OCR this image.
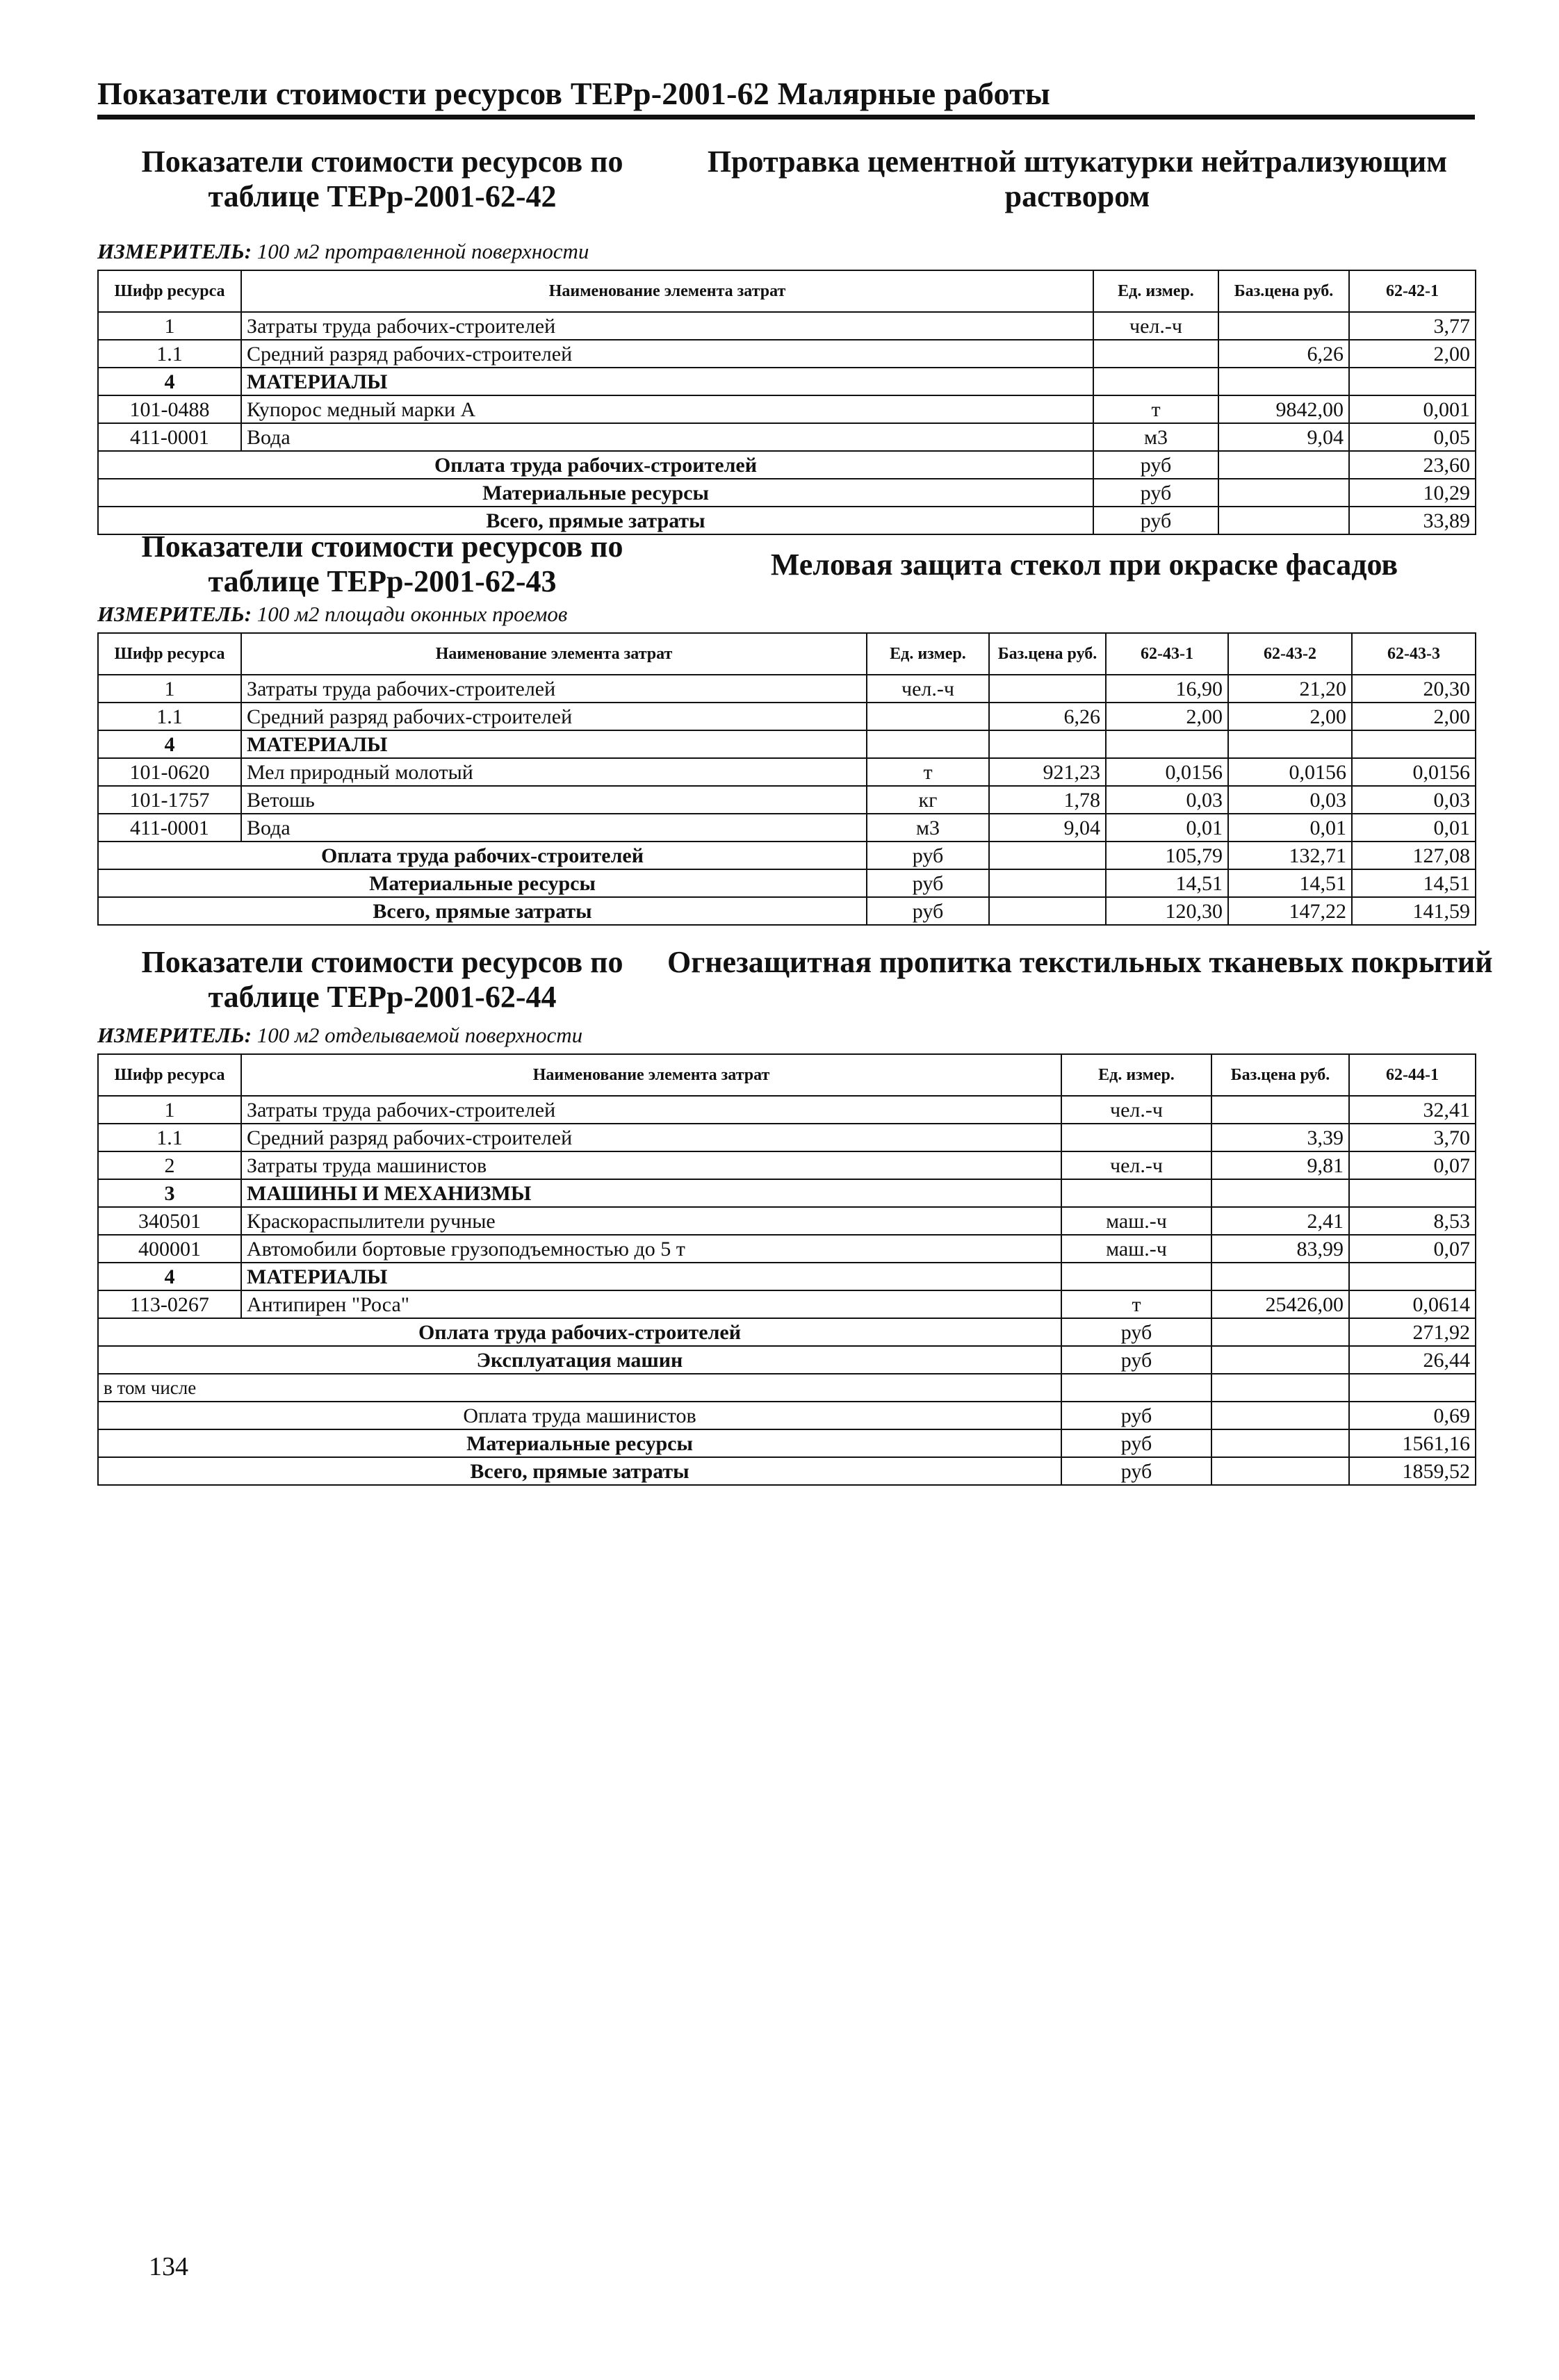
Показатели стоимости ресурсов ТЕРр-2001-62 Малярные работы
Показатели стоимости ресурсов по таблице ТЕРр-2001-62-42
Протравка цементной штукатурки нейтрализующим раствором
ИЗМЕРИТЕЛЬ: 100 м2 протравленной поверхности
Шифр ресурса	Наименование элемента затрат	Ед. измер.	Баз.цена руб.	62-42-1
1	Затраты труда рабочих-строителей	чел.-ч		3,77
1.1	Средний разряд рабочих-строителей		6,26	2,00
4	МАТЕРИАЛЫ			
101-0488	Купорос медный марки А	т	9842,00	0,001
411-0001	Вода	м3	9,04	0,05
Оплата труда рабочих-строителей		руб		23,60
Материальные ресурсы		руб		10,29
Всего, прямые затраты		руб		33,89
Показатели стоимости ресурсов по таблице ТЕРр-2001-62-43	Меловая защита стекол при окраске фасадов
ИЗМЕРИТЕЛЬ: 100 м2 площади оконных проемов
Шифр ресурса	Наименование элемента затрат	Ед. измер.	Баз.цена руб.	62-43-1	62-43-2	62-43-3
1	Затраты труда рабочих-строителей	чел.-ч		16,90	21,20	20,30
1.1	Средний разряд рабочих-строителей		6,26	2,00	2,00	2,00
4	МАТЕРИАЛЫ					
101-0620	Мел природный молотый	т	921,23	0,0156	0,0156	0,0156
101-1757	Ветошь	кг	1,78	0,03	0,03	0,03
411-0001	Вода	м3	9,04	0,01	0,01	0,01
Оплата труда рабочих-строителей		руб		105,79	132,71	127,08
Материальные ресурсы		руб		14,51	14,51	14,51
Всего, прямые затраты		руб		120,30	147,22	141,59
Показатели стоимости ресурсов по таблице ТЕРр-2001-62-44
Огнезащитная пропитка текстильных тканевых покрытий
ИЗМЕРИТЕЛЬ: 100 м2 отделываемой поверхности
Шифр ресурса	Наименование элемента затрат	Ед. измер.	Баз.цена руб.	62-44-1
1	Затраты труда рабочих-строителей	чел.-ч		32,41
1.1	Средний разряд рабочих-строителей		3,39	3,70
2	Затраты труда машинистов	чел.-ч	9,81	0,07
3	МАШИНЫ И МЕХАНИЗМЫ			
340501	Краскораспылители ручные	маш.-ч	2,41	8,53
400001	Автомобили бортовые грузоподъемностью до 5 т	маш.-ч	83,99	0,07
4	МАТЕРИАЛЫ			
113-0267	Антипирен "Роса"	т	25426,00	0,0614
Оплата труда рабочих-строителей		руб		271,92
Эксплуатация машин		руб		26,44
в том числе				
Оплата труда машинистов		руб		0,69
Материальные ресурсы		руб		1561,16
Всего, прямые затраты		руб		1859,52
134
